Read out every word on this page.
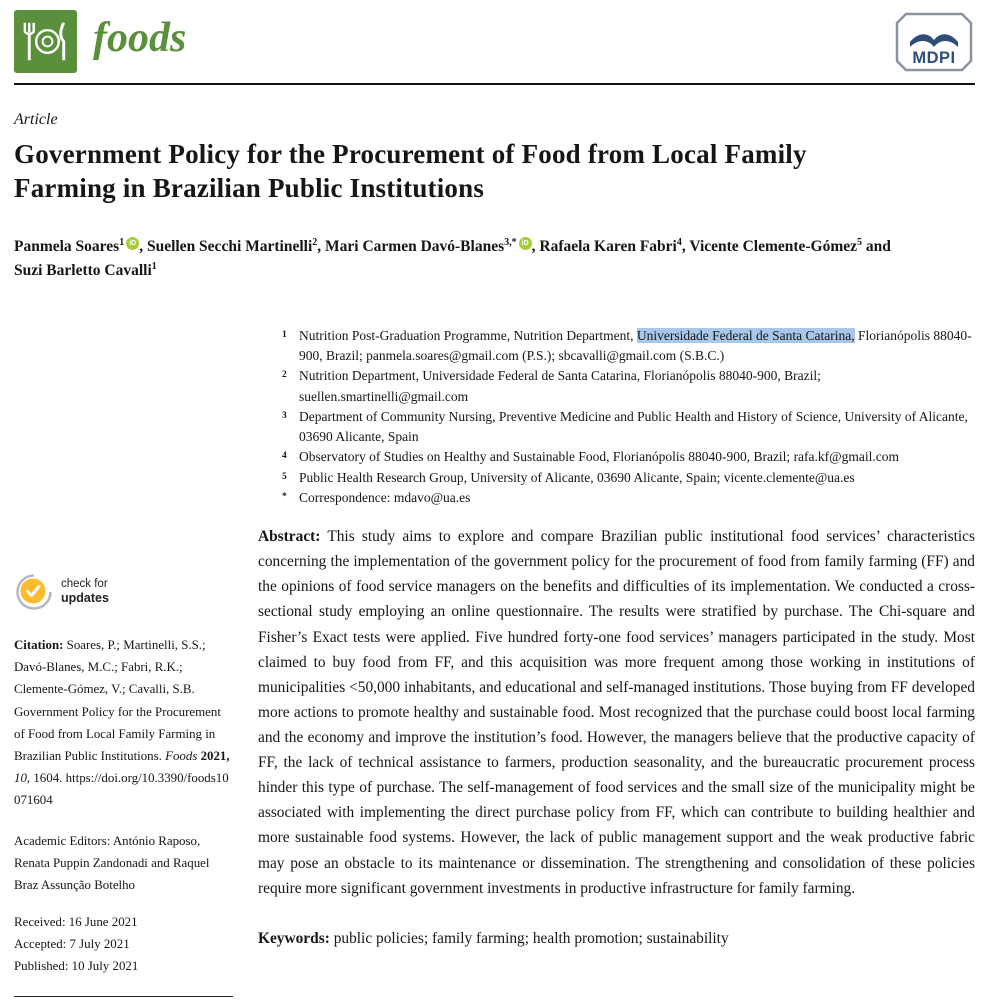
foods	MDPI
Article
Government Policy for the Procurement of Food from Local Family Farming in Brazilian Public Institutions
Panmela Soares$^1$ iD , Suellen Secchi Martinelli$^2$, Mari Carmen Davó-Blanes$^{3,*}$ iD , Rafaela Karen Fabri$^4$, Vicente Clemente-Gómez$^5$ and Suzi Barletto Cavalli$^1$
1 Nutrition Post-Graduation Programme, Nutrition Department, Universidade Federal de Santa Catarina, Florianópolis 88040-900, Brazil; panmela.soares@gmail.com (P.S.); sbcavalli@gmail.com (S.B.C.)
2 Nutrition Department, Universidade Federal de Santa Catarina, Florianópolis 88040-900, Brazil; suellen.smartinelli@gmail.com
3 Department of Community Nursing, Preventive Medicine and Public Health and History of Science, University of Alicante, 03690 Alicante, Spain
4 Observatory of Studies on Healthy and Sustainable Food, Florianópolis 88040-900, Brazil; rafa.kf@gmail.com
5 Public Health Research Group, University of Alicante, 03690 Alicante, Spain; vicente.clemente@ua.es
* Correspondence: mdavo@ua.es
check for
updates

Citation: Soares, P.; Martinelli, S.S.; Davó-Blanes, M.C.; Fabri, R.K.; Clemente-Gómez, V.; Cavalli, S.B. Government Policy for the Procurement of Food from Local Family Farming in Brazilian Public Institutions. Foods 2021, 10, 1604. https://doi.org/10.3390/foods10071604

Academic Editors: António Raposo, Renata Puppin Zandonadi and Raquel Braz Assunção Botelho

Received: 16 June 2021
Accepted: 7 July 2021
Published: 10 July 2021

Abstract: This study aims to explore and compare Brazilian public institutional food services’ characteristics concerning the implementation of the government policy for the procurement of food from family farming (FF) and the opinions of food service managers on the benefits and difficulties of its implementation. We conducted a cross-sectional study employing an online questionnaire. The results were stratified by purchase. The Chi-square and Fisher’s Exact tests were applied. Five hundred forty-one food services’ managers participated in the study. Most claimed to buy food from FF, and this acquisition was more frequent among those working in institutions of municipalities <50,000 inhabitants, and educational and self-managed institutions. Those buying from FF developed more actions to promote healthy and sustainable food. Most recognized that the purchase could boost local farming and the economy and improve the institution’s food. However, the managers believe that the productive capacity of FF, the lack of technical assistance to farmers, production seasonality, and the bureaucratic procurement process hinder this type of purchase. The self-management of food services and the small size of the municipality might be associated with implementing the direct purchase policy from FF, which can contribute to building healthier and more sustainable food systems. However, the lack of public management support and the weak productive fabric may pose an obstacle to its maintenance or dissemination. The strengthening and consolidation of these policies require more significant government investments in productive infrastructure for family farming.

Keywords: public policies; family farming; health promotion; sustainability
